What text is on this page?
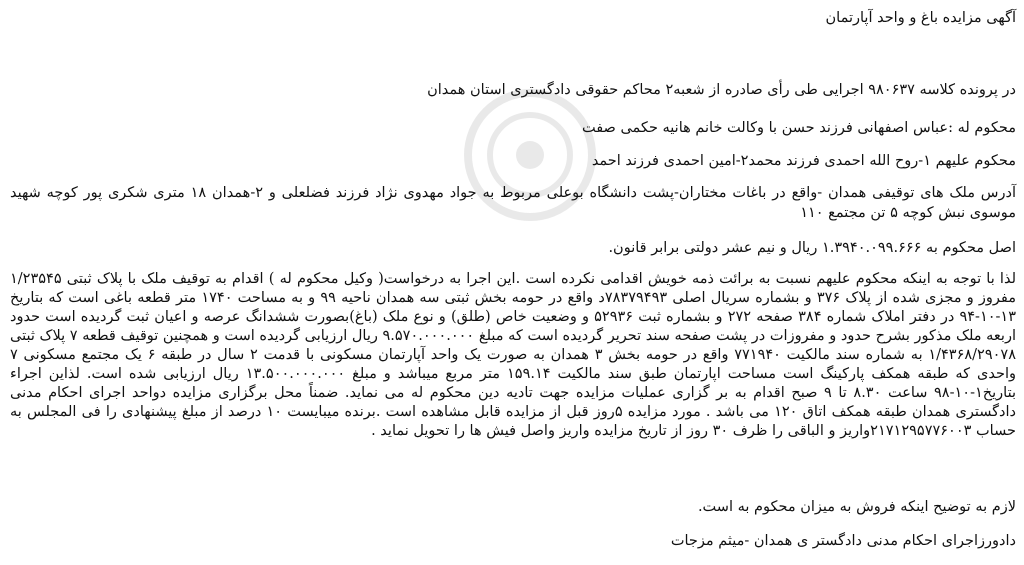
آگهی مزایده باغ و واحد آپارتمان
در پرونده کلاسه ۹۸۰۶۳۷ اجرایی طی رأی صادره از شعبه۲ محاکم حقوقی دادگستری استان همدان
محکوم له :عباس اصفهانی فرزند حسن با وکالت خانم هانیه حکمی صفت
محکوم علیهم ۱-روح الله احمدی فرزند محمد۲-امین احمدی فرزند احمد
آدرس ملک های توقیفی همدان -واقع در باغات مختاران-پشت دانشگاه بوعلی مربوط به جواد مهدوی نژاد فرزند فضلعلی و ۲-همدان ۱۸ متری شکری پور کوچه شهید موسوی نبش کوچه ۵ تن مجتمع ۱۱۰
اصل محکوم به ۱.۳۹۴۰.۰۹۹.۶۶۶ ریال و نیم عشر دولتی برابر قانون.
لذا با توجه به اینکه محکوم علیهم نسبت به برائت ذمه خویش اقدامی نکرده است .این اجرا به درخواست( وکیل محکوم له ) اقدام به توقیف ملک با پلاک ثبتی ۱/۲۳۵۴۵ مفروز و مجزی شده از پلاک ۳۷۶ و بشماره سریال اصلی ۷۸۳۷۹۴۹۳د واقع در حومه بخش ثبتی سه همدان ناحیه ۹۹ و به مساحت ۱۷۴۰ متر قطعه باغی است که بتاریخ ۱۳-۱۰-۹۴ در دفتر املاک شماره ۳۸۴ صفحه ۲۷۲ و بشماره ثبت ۵۲۹۳۶ و وضعیت خاص (طلق) و نوع ملک (باغ)بصورت ششدانگ عرصه و اعیان ثبت گردیده است حدود اربعه ملک مذکور بشرح حدود و مفروزات در پشت صفحه سند تحریر گردیده است که مبلغ ۹.۵۷۰.۰۰۰.۰۰۰ ریال ارزیابی گردیده است و همچنین توقیف قطعه ۷ پلاک ثبتی ۱/۴۳۶۸/۲۹۰۷۸ به شماره سند مالکیت ۷۷۱۹۴۰ واقع در حومه بخش ۳ همدان به صورت یک واحد آپارتمان مسکونی با قدمت ۲ سال در طبقه ۶ یک مجتمع مسکونی ۷ واحدی که طبقه همکف پارکینگ است مساحت اپارتمان طبق سند مالکیت ۱۵۹.۱۴ متر مربع میباشد و مبلغ ۱۳.۵۰۰.۰۰۰.۰۰۰ ریال ارزیابی شده است. لذاین اجراء بتاریخ۱-۱۰-۹۸ ساعت ۸.۳۰ تا ۹ صبح اقدام به بر گزاری عملیات مزایده جهت تادیه دین محکوم له می نماید. ضمناً محل برگزاری مزایده دواحد اجرای احکام مدنی دادگستری همدان طبقه همکف اتاق ۱۲۰ می باشد . مورد مزایده ۵روز قبل از مزایده قابل مشاهده است .برنده میبایست ۱۰ درصد از مبلغ پیشنهادی را فی المجلس به حساب ۲۱۷۱۲۹۵۷۷۶۰۰۳واریز و الباقی را ظرف ۳۰ روز از تاریخ مزایده واریز واصل فیش ها را تحویل نماید .
لازم به توضیح اینکه فروش به میزان محکوم به است.
دادورزاجرای احکام مدنی دادگستر ی همدان -میثم مزجات
